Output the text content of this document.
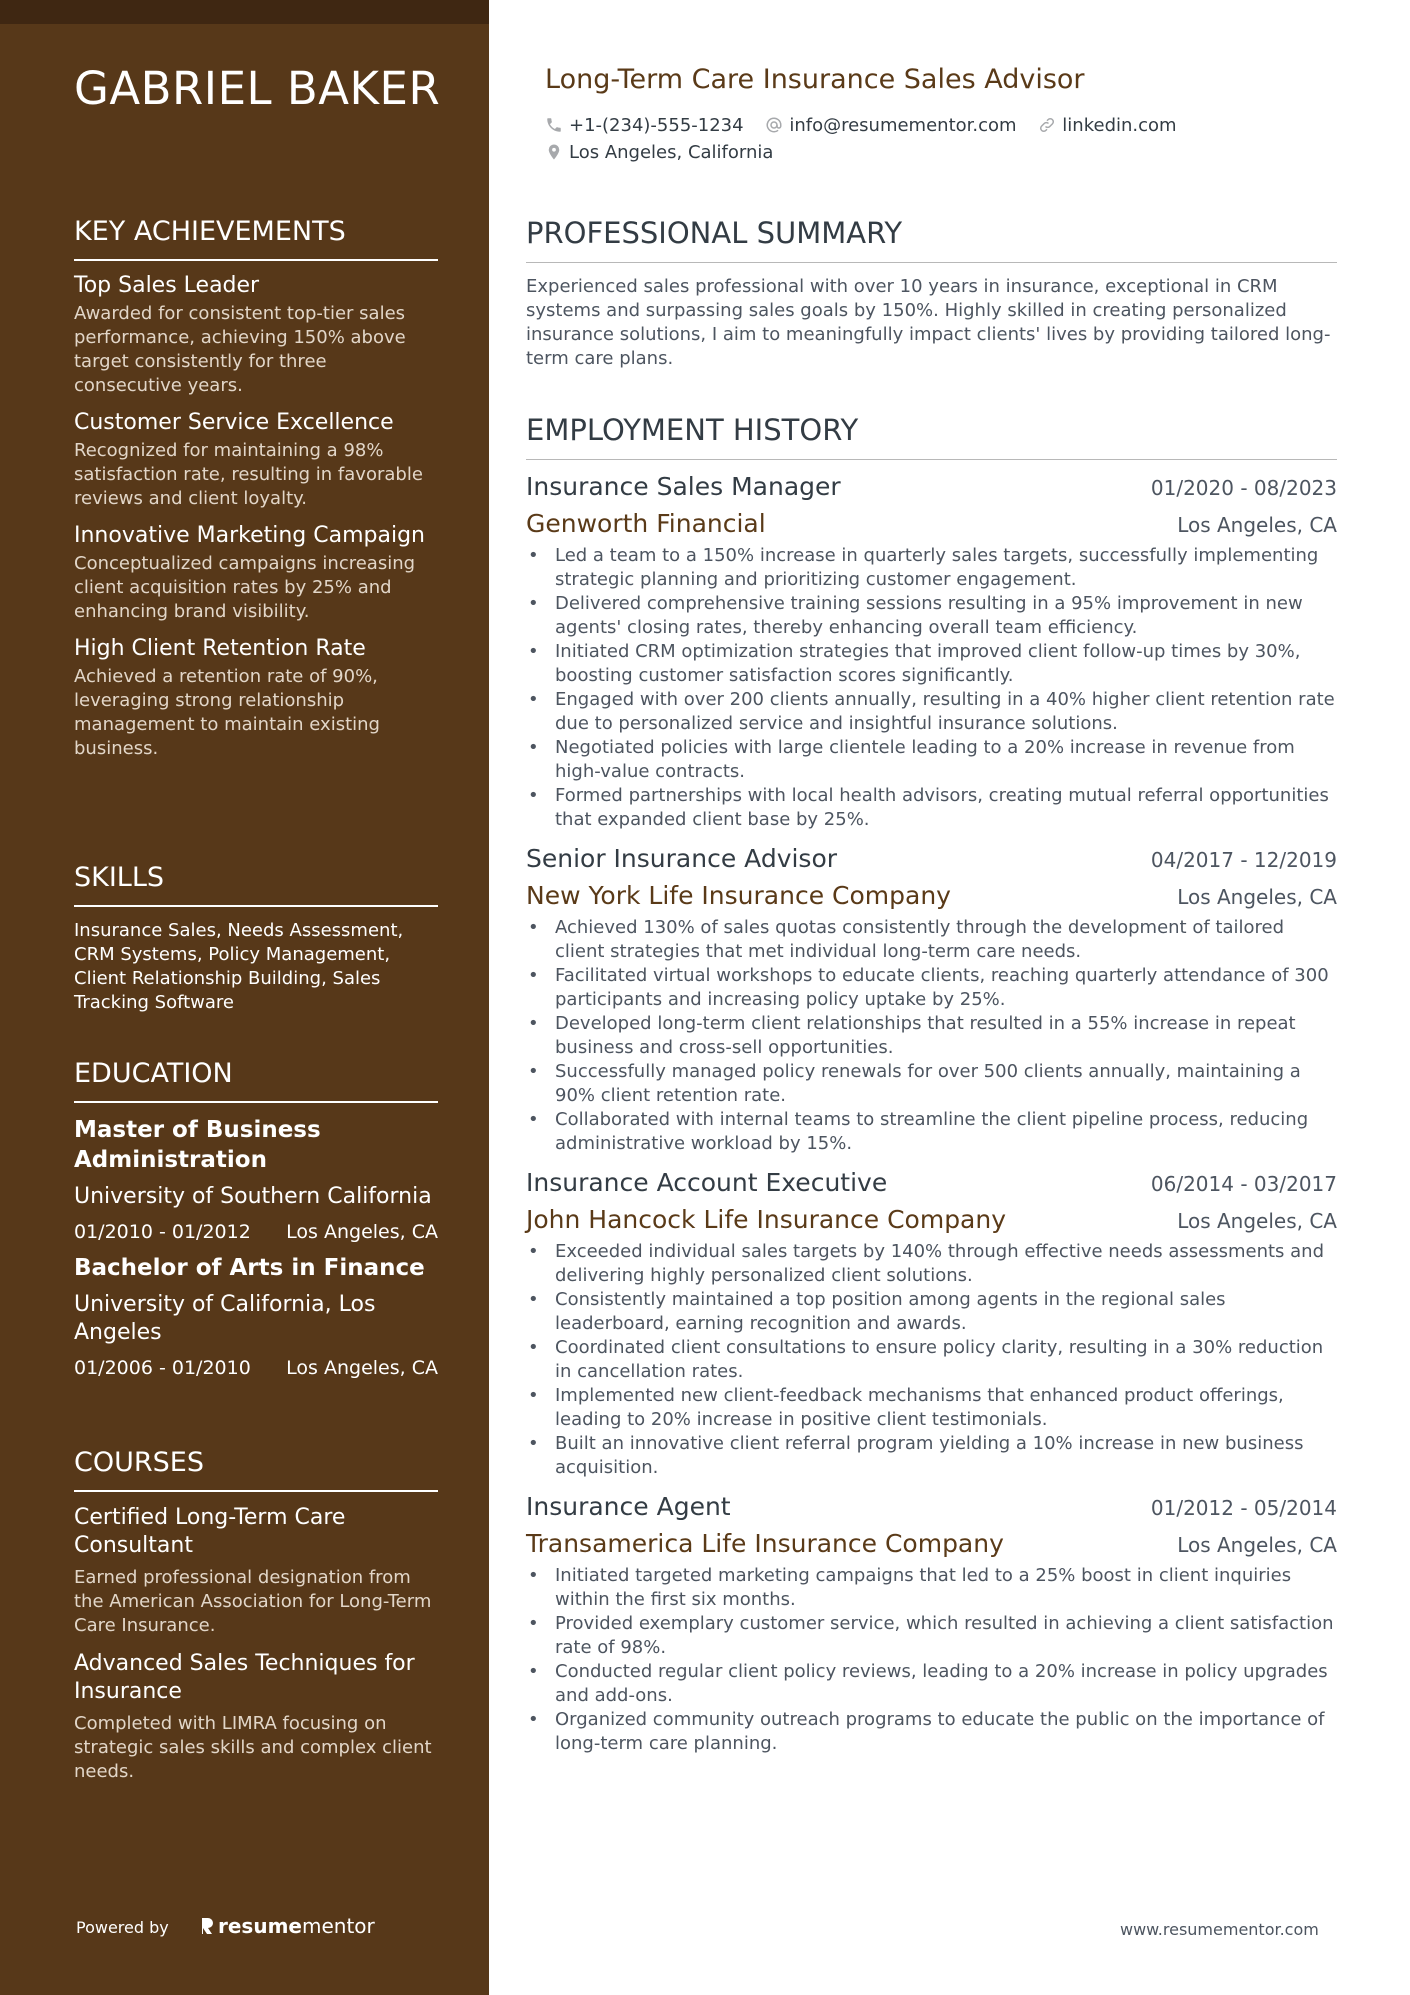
GABRIEL BAKER
KEY ACHIEVEMENTS
Top Sales Leader
Awarded for consistent top-tier sales performance, achieving 150% above target consistently for three consecutive years.
Customer Service Excellence
Recognized for maintaining a 98% satisfaction rate, resulting in favorable reviews and client loyalty.
Innovative Marketing Campaign
Conceptualized campaigns increasing client acquisition rates by 25% and enhancing brand visibility.
High Client Retention Rate
Achieved a retention rate of 90%, leveraging strong relationship management to maintain existing business.
SKILLS
Insurance Sales, Needs Assessment, CRM Systems, Policy Management, Client Relationship Building, Sales Tracking Software
EDUCATION
Master of Business Administration
University of Southern California
01/2010 - 01/2012 Los Angeles, CA
Bachelor of Arts in Finance
University of California, Los Angeles
01/2006 - 01/2010 Los Angeles, CA
COURSES
Certified Long-Term Care Consultant
Earned professional designation from the American Association for Long-Term Care Insurance.
Advanced Sales Techniques for Insurance
Completed with LIMRA focusing on strategic sales skills and complex client needs.
Powered by	resumementor
Long-Term Care Insurance Sales Advisor
+1-(234)-555-1234
	info@resumementor.com
	linkedin.com

Los Angeles, California
PROFESSIONAL SUMMARY
Experienced sales professional with over 10 years in insurance, exceptional in CRM systems and surpassing sales goals by 150%. Highly skilled in creating personalized insurance solutions, I aim to meaningfully impact clients' lives by providing tailored long-term care plans.
EMPLOYMENT HISTORY
Insurance Sales Manager	01/2020 - 08/2023
Genworth Financial	Los Angeles, CA
• Led a team to a 150% increase in quarterly sales targets, successfully implementing strategic planning and prioritizing customer engagement.
• Delivered comprehensive training sessions resulting in a 95% improvement in new agents' closing rates, thereby enhancing overall team efficiency.
• Initiated CRM optimization strategies that improved client follow-up times by 30%, boosting customer satisfaction scores significantly.
• Engaged with over 200 clients annually, resulting in a 40% higher client retention rate due to personalized service and insightful insurance solutions.
• Negotiated policies with large clientele leading to a 20% increase in revenue from high-value contracts.
• Formed partnerships with local health advisors, creating mutual referral opportunities that expanded client base by 25%.
Senior Insurance Advisor	04/2017 - 12/2019
New York Life Insurance Company	Los Angeles, CA
• Achieved 130% of sales quotas consistently through the development of tailored client strategies that met individual long-term care needs.
• Facilitated virtual workshops to educate clients, reaching quarterly attendance of 300 participants and increasing policy uptake by 25%.
• Developed long-term client relationships that resulted in a 55% increase in repeat business and cross-sell opportunities.
• Successfully managed policy renewals for over 500 clients annually, maintaining a 90% client retention rate.
• Collaborated with internal teams to streamline the client pipeline process, reducing administrative workload by 15%.
Insurance Account Executive	06/2014 - 03/2017
John Hancock Life Insurance Company	Los Angeles, CA
• Exceeded individual sales targets by 140% through effective needs assessments and delivering highly personalized client solutions.
• Consistently maintained a top position among agents in the regional sales leaderboard, earning recognition and awards.
• Coordinated client consultations to ensure policy clarity, resulting in a 30% reduction in cancellation rates.
• Implemented new client-feedback mechanisms that enhanced product offerings, leading to 20% increase in positive client testimonials.
• Built an innovative client referral program yielding a 10% increase in new business acquisition.
Insurance Agent	01/2012 - 05/2014
Transamerica Life Insurance Company	Los Angeles, CA
• Initiated targeted marketing campaigns that led to a 25% boost in client inquiries within the first six months.
• Provided exemplary customer service, which resulted in achieving a client satisfaction rate of 98%.
• Conducted regular client policy reviews, leading to a 20% increase in policy upgrades and add-ons.
• Organized community outreach programs to educate the public on the importance of long-term care planning.
www.resumementor.com
